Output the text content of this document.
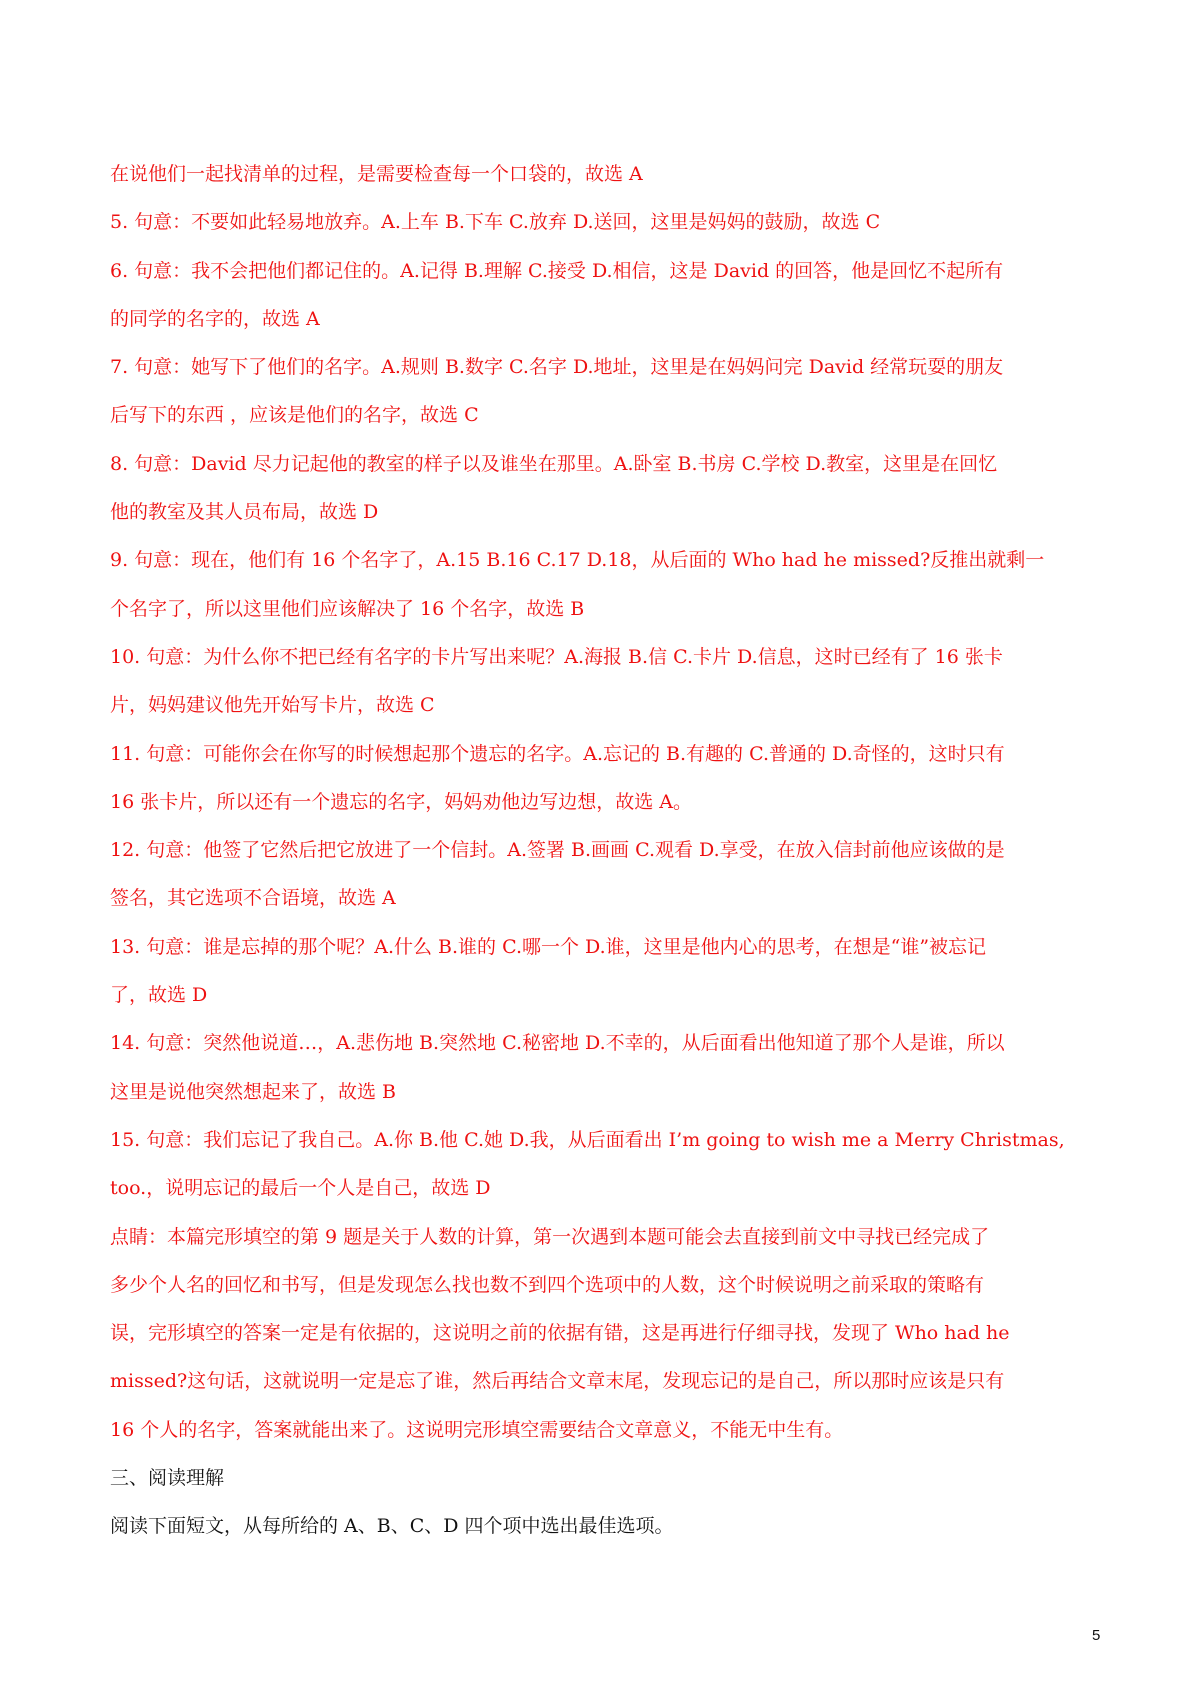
在说他们一起找清单的过程，是需要检查每一个口袋的，故选 A
5. 句意：不要如此轻易地放弃。A.上车 B.下车 C.放弃 D.送回，这里是妈妈的鼓励，故选 C
6. 句意：我不会把他们都记住的。A.记得 B.理解 C.接受 D.相信，这是 David 的回答，他是回忆不起所有
的同学的名字的，故选 A
7. 句意：她写下了他们的名字。A.规则 B.数字 C.名字 D.地址，这里是在妈妈问完 David 经常玩耍的朋友
后写下的东西 ，应该是他们的名字，故选 C
8. 句意：David 尽力记起他的教室的样子以及谁坐在那里。A.卧室 B.书房 C.学校 D.教室，这里是在回忆
他的教室及其人员布局，故选 D
9. 句意：现在，他们有 16 个名字了，A.15 B.16 C.17 D.18，从后面的 Who had he missed?反推出就剩一
个名字了，所以这里他们应该解决了 16 个名字，故选 B
10. 句意：为什么你不把已经有名字的卡片写出来呢？A.海报 B.信 C.卡片 D.信息，这时已经有了 16 张卡
片，妈妈建议他先开始写卡片，故选 C
11. 句意：可能你会在你写的时候想起那个遗忘的名字。A.忘记的 B.有趣的 C.普通的 D.奇怪的，这时只有
16 张卡片，所以还有一个遗忘的名字，妈妈劝他边写边想，故选 A。
12. 句意：他签了它然后把它放进了一个信封。A.签署 B.画画 C.观看 D.享受，在放入信封前他应该做的是
签名，其它选项不合语境，故选 A
13. 句意：谁是忘掉的那个呢？A.什么 B.谁的 C.哪一个 D.谁，这里是他内心的思考，在想是“谁”被忘记
了，故选 D
14. 句意：突然他说道…，A.悲伤地 B.突然地 C.秘密地 D.不幸的，从后面看出他知道了那个人是谁，所以
这里是说他突然想起来了，故选 B
15. 句意：我们忘记了我自己。A.你 B.他 C.她 D.我，从后面看出 I’m going to wish me a Merry Christmas,
too.，说明忘记的最后一个人是自己，故选 D
点睛：本篇完形填空的第 9 题是关于人数的计算，第一次遇到本题可能会去直接到前文中寻找已经完成了
多少个人名的回忆和书写，但是发现怎么找也数不到四个选项中的人数，这个时候说明之前采取的策略有
误，完形填空的答案一定是有依据的，这说明之前的依据有错，这是再进行仔细寻找，发现了 Who had he
missed?这句话，这就说明一定是忘了谁，然后再结合文章末尾，发现忘记的是自己，所以那时应该是只有
16 个人的名字，答案就能出来了。这说明完形填空需要结合文章意义，不能无中生有。
三、阅读理解
阅读下面短文，从每所给的 A、B、C、D 四个项中选出最佳选项。
5
